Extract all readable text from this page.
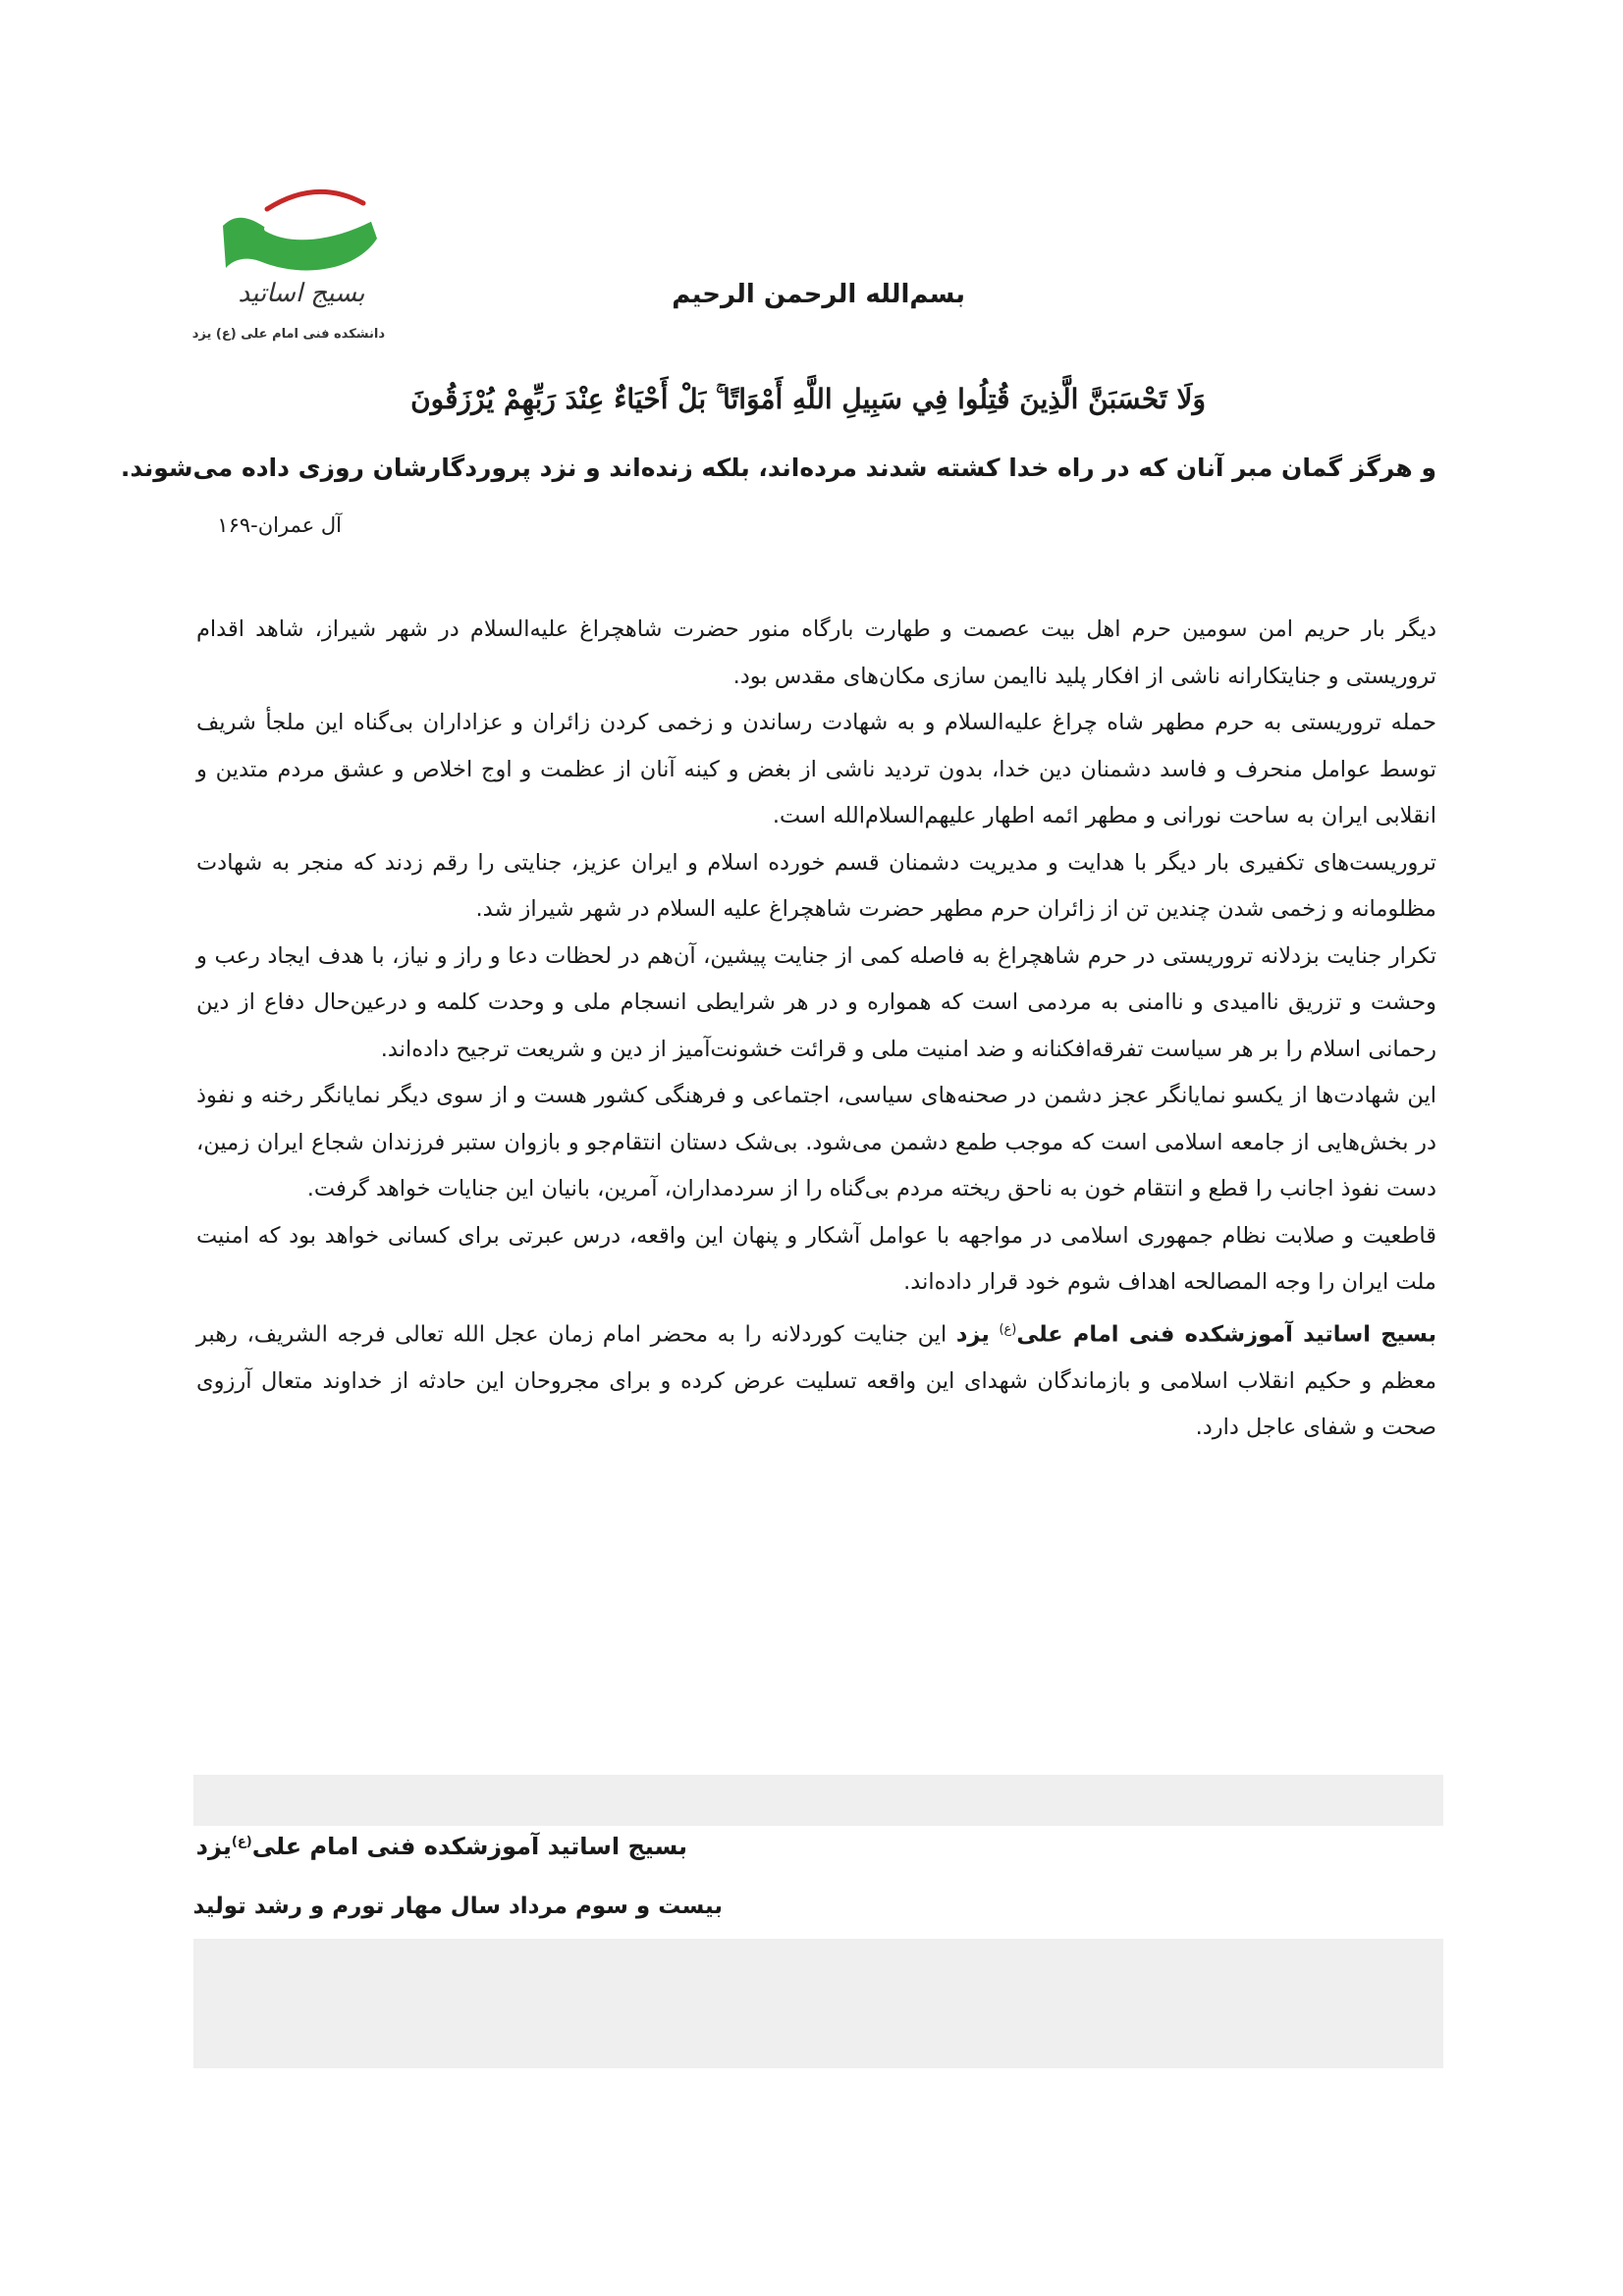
بسیج اساتید
دانشکده فنی امام علی (ع) یزد
بسم‌الله الرحمن الرحیم
وَلَا تَحْسَبَنَّ الَّذِينَ قُتِلُوا فِي سَبِيلِ اللَّهِ أَمْوَاتًا ۚ بَلْ أَحْيَاءٌ عِنْدَ رَبِّهِمْ يُرْزَقُونَ
و هرگز گمان مبر آنان که در راه خدا کشته شدند مرده‌اند، بلکه زنده‌اند و نزد پروردگارشان روزی داده می‌شوند.
آل عمران-۱۶۹

دیگر بار حریم امن سومین حرم اهل بیت عصمت و طهارت بارگاه منور حضرت شاهچراغ علیه‌السلام در شهر شیراز، شاهد اقدام تروریستی و جنایتکارانه ناشی از افکار پلید ناایمن سازی مکان‌های مقدس بود.

حمله تروریستی به حرم مطهر شاه چراغ علیه‌السلام و به شهادت رساندن و زخمی کردن زائران و عزاداران بی‌گناه این ملجأ شریف توسط عوامل منحرف و فاسد دشمنان دین خدا، بدون تردید ناشی از بغض و کینه آنان از عظمت و اوج اخلاص و عشق مردم متدین و انقلابی ایران به ساحت نورانی و مطهر ائمه اطهار علیهم‌السلام‌الله است.

تروریست‌های تکفیری بار دیگر با هدایت و مدیریت دشمنان قسم خورده اسلام و ایران عزیز، جنایتی را رقم زدند که منجر به شهادت مظلومانه و زخمی شدن چندین تن از زائران حرم مطهر حضرت شاهچراغ علیه السلام در شهر شیراز شد.

تکرار جنایت بزدلانه تروریستی در حرم شاهچراغ به فاصله کمی از جنایت پیشین، آن‌هم در لحظات دعا و راز و نیاز، با هدف ایجاد رعب و وحشت و تزریق ناامیدی و ناامنی به مردمی است که همواره و در هر شرایطی انسجام ملی و وحدت کلمه و درعین‌حال دفاع از دین رحمانی اسلام را بر هر سیاست تفرقه‌افکنانه و ضد امنیت ملی و قرائت خشونت‌آمیز از دین و شریعت ترجیح داده‌اند.

این شهادت‌ها از یکسو نمایانگر عجز دشمن در صحنه‌های سیاسی، اجتماعی و فرهنگی کشور هست و از سوی دیگر نمایانگر رخنه و نفوذ در بخش‌هایی از جامعه اسلامی است که موجب طمع دشمن می‌شود. بی‌شک دستان انتقام‌جو و بازوان ستبر فرزندان شجاع ایران زمین، دست نفوذ اجانب را قطع و انتقام خون به ناحق ریخته مردم بی‌گناه را از سردمداران، آمرین، بانیان این جنایات خواهد گرفت.

قاطعیت و صلابت نظام جمهوری اسلامی در مواجهه با عوامل آشکار و پنهان این واقعه، درس عبرتی برای کسانی خواهد بود که امنیت ملت ایران را وجه المصالحه اهداف شوم خود قرار داده‌اند.

بسیج اساتید آموزشکده فنی امام علی$^{(ع)}$ یزد این جنایت کوردلانه را به محضر امام زمان عجل الله تعالی فرجه الشریف، رهبر معظم و حکیم انقلاب اسلامی و بازماندگان شهدای این واقعه تسلیت عرض کرده و برای مجروحان این حادثه از خداوند متعال آرزوی صحت و شفای عاجل دارد.

بسیج اساتید آموزشکده فنی امام علی$^{(ع)}$یزد
بیست و سوم مرداد سال مهار تورم و رشد تولید
